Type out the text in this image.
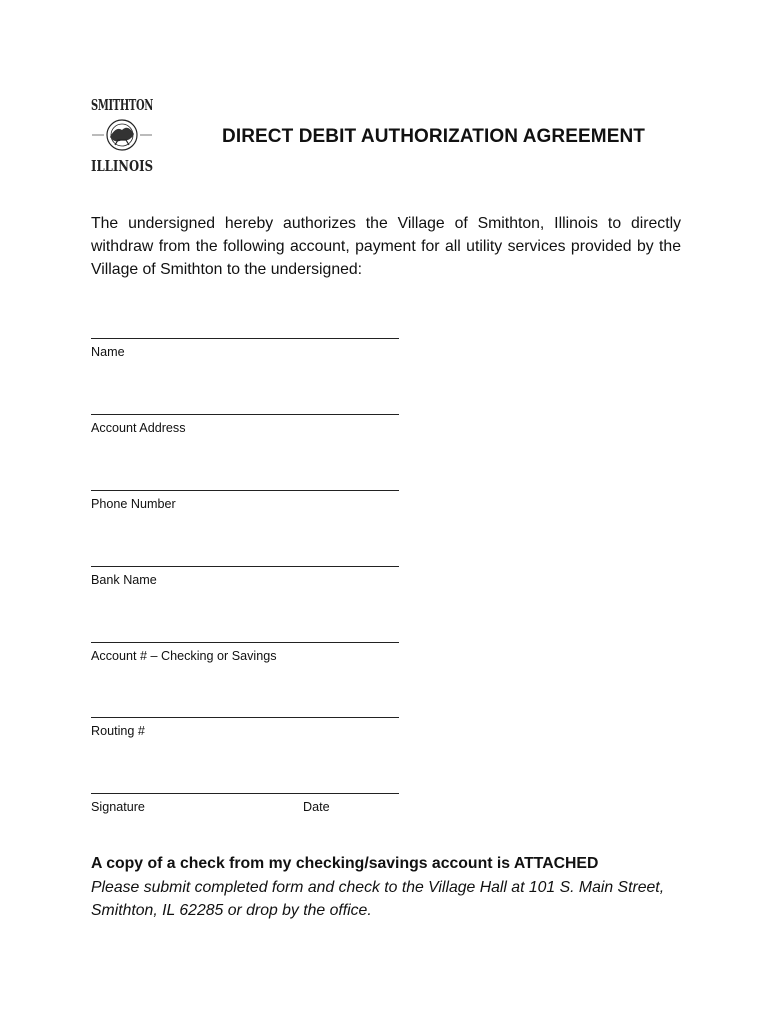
SMITHTON
ILLINOIS
DIRECT DEBIT AUTHORIZATION AGREEMENT
The undersigned hereby authorizes the Village of Smithton, Illinois to directly withdraw from the following account, payment for all utility services provided by the Village of Smithton to the undersigned:
Name
Account Address
Phone Number
Bank Name
Account # – Checking or Savings
Routing #
Signature	Date
A copy of a check from my checking/savings account is ATTACHED
Please submit completed form and check to the Village Hall at 101 S. Main Street, Smithton, IL 62285 or drop by the office.
